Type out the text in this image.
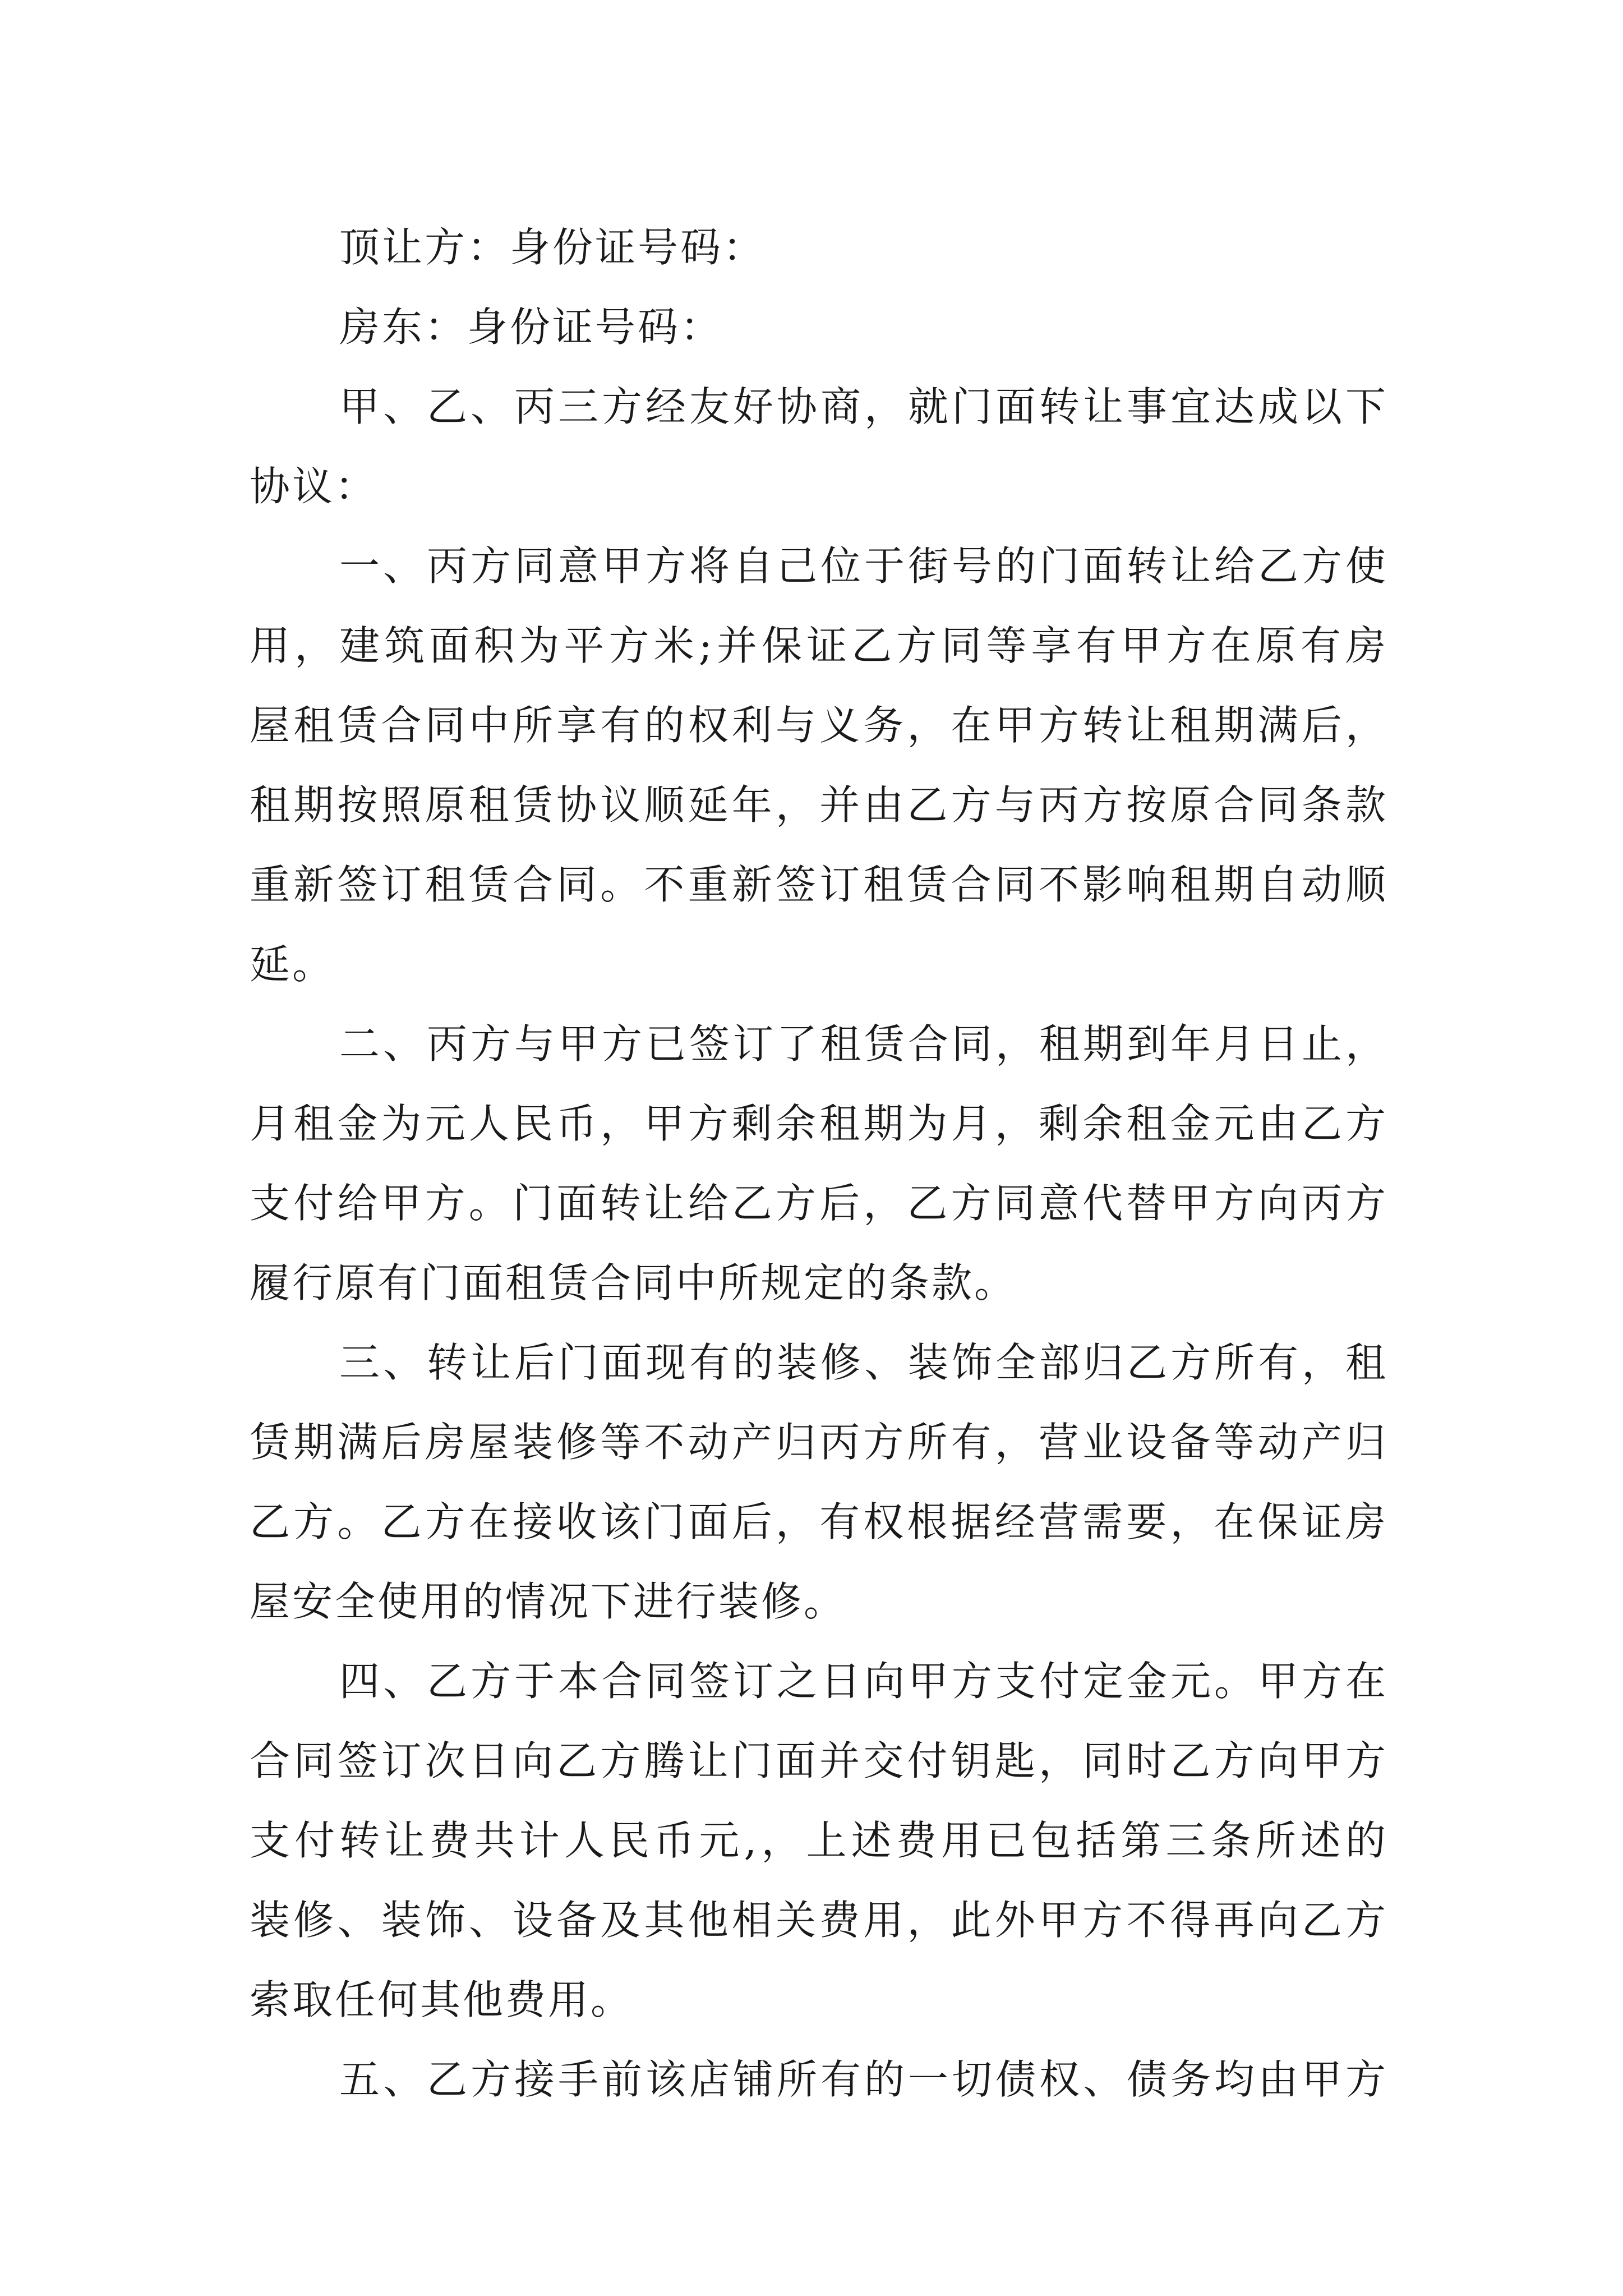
顶让方：身份证号码：
房东：身份证号码：
甲、乙、丙三方经友好协商，就门面转让事宜达成以下
协议：
一、丙方同意甲方将自己位于街号的门面转让给乙方使
用，建筑面积为平方米;并保证乙方同等享有甲方在原有房
屋租赁合同中所享有的权利与义务，在甲方转让租期满后，
租期按照原租赁协议顺延年，并由乙方与丙方按原合同条款
重新签订租赁合同。不重新签订租赁合同不影响租期自动顺
延。
二、丙方与甲方已签订了租赁合同，租期到年月日止，
月租金为元人民币，甲方剩余租期为月，剩余租金元由乙方
支付给甲方。门面转让给乙方后，乙方同意代替甲方向丙方
履行原有门面租赁合同中所规定的条款。
三、转让后门面现有的装修、装饰全部归乙方所有，租
赁期满后房屋装修等不动产归丙方所有，营业设备等动产归
乙方。乙方在接收该门面后，有权根据经营需要，在保证房
屋安全使用的情况下进行装修。
四、乙方于本合同签订之日向甲方支付定金元。甲方在
合同签订次日向乙方腾让门面并交付钥匙，同时乙方向甲方
支付转让费共计人民币元,，上述费用已包括第三条所述的
装修、装饰、设备及其他相关费用，此外甲方不得再向乙方
索取任何其他费用。
五、乙方接手前该店铺所有的一切债权、债务均由甲方
